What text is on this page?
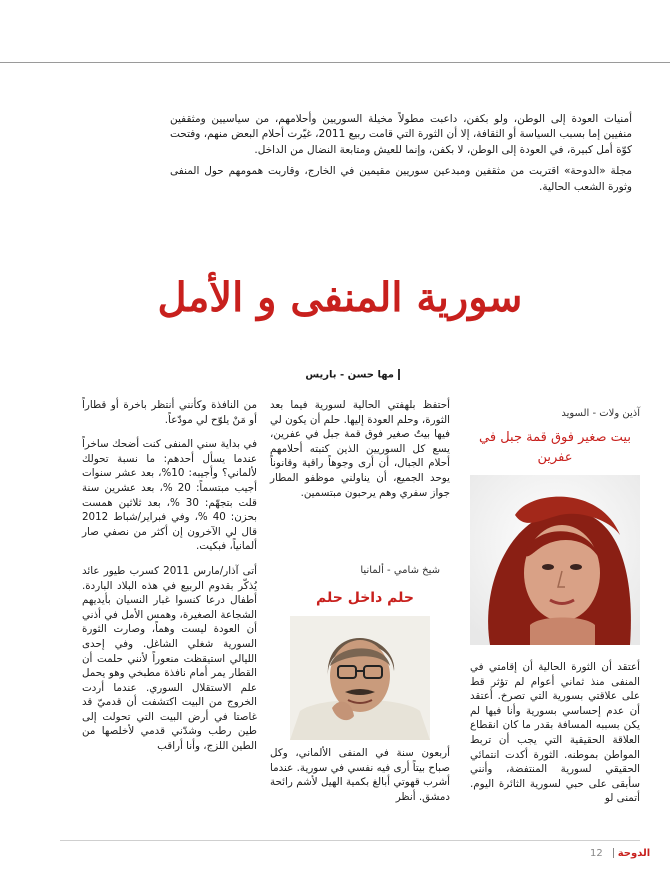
أمنيات العودة إلى الوطن، ولو بكفن، داعبت مطولاً مخيلة السوريين وأحلامهم، من سياسيين ومثقفين منفيين إما بسبب السياسة أو الثقافة، إلا أن الثورة التي قامت ربيع 2011، غيّرت أحلام البعض منهم، وفتحت كوّة أمل كبيرة، في العودة إلى الوطن، لا بكفن، وإنما للعيش ومتابعة النضال من الداخل.

مجلة «الدوحة» اقتربت من مثقفين ومبدعين سوريين مقيمين في الخارج، وقاربت همومهم حول المنفى وثورة الشعب الحالية.

سورية المنفى و الأمل
مها حسن - باريس
آذين ولات - السويد
بيت صغير فوق قمة جبل في عفرين

أعتقد أن الثورة الحالية أن إقامتي في المنفى منذ ثماني أعوام لم تؤثر قط على علاقتي بسورية التي تصرخ. أعتقد أن عدم إحساسي بسورية وأنا فيها لم يكن بسببه المسافة بقدر ما كان انقطاع العلاقة الحقيقية التي يجب أن تربط المواطن بموطنه. الثورة أكدت انتمائي الحقيقي لسورية المنتفضة، وأنني سأبقى على حبي لسورية الثائرة اليوم. أتمنى لو

أحتفظ بلهفتي الحالية لسورية فيما بعد الثورة، وحلم العودة إليها. حلم أن يكون لي فيها بيتٌ صغير فوق قمة جبل في عفرين، يسع كل السوريين الذين كتبته أحلامهم أحلام الجبال، أن أرى وجوهاً راقية وقانوناً يوحد الجميع، أن يناولني موظفو المطار جواز سفري وهم يرحبون مبتسمين.

شيخ شامي - ألمانيا
حلم داخل حلم

أربعون سنة في المنفى الألماني، وكل صباح بيتاً أرى فيه نفسي في سورية. عندما أشرب قهوتي أبالغ بكمية الهيل لأشم رائحة دمشق. أنظر

من النافذة وكأنني أنتظر باخرة أو قطاراً أو مَنْ يلوّح لي مودّعاً.

في بداية سني المنفى كنت أضحك ساخراً عندما يسأل أحدهم: ما نسبة تحولك لألماني؟ وأجيبه: 10%، بعد عشر سنوات أجيب مبتسماً: 20 %، بعد عشرين سنة قلت بتجهّم: 30 %، بعد ثلاثين همست بحزن: 40 %، وفي فبراير/شباط 2012 قال لي الآخرون إن أكثر من نصفي صار ألمانياً، فبكيت.

أتى آذار/مارس 2011 كسرب طيور عائد يُذكّر بقدوم الربيع في هذه البلاد الباردة. أطفال درعا كنسوا غبار النسيان بأيديهم الشجاعة الصغيرة، وهمس الأمل في أذني أن العودة ليست وهماً، وصارت الثورة السورية شغلي الشاغل. وفي إحدى الليالي استيقظت منعوراً لأنني حلمت أن القطار يمر أمام نافذة مطبخي وهو يحمل علم الاستقلال السوري. عندما أردت الخروج من البيت اكتشفت أن قدميّ قد غاصتا في أرض البيت التي تحولت إلى طين رطب وشدّني قدمي لأخلصها من الطين اللزج، وأنا أراقب

الدوحة12
